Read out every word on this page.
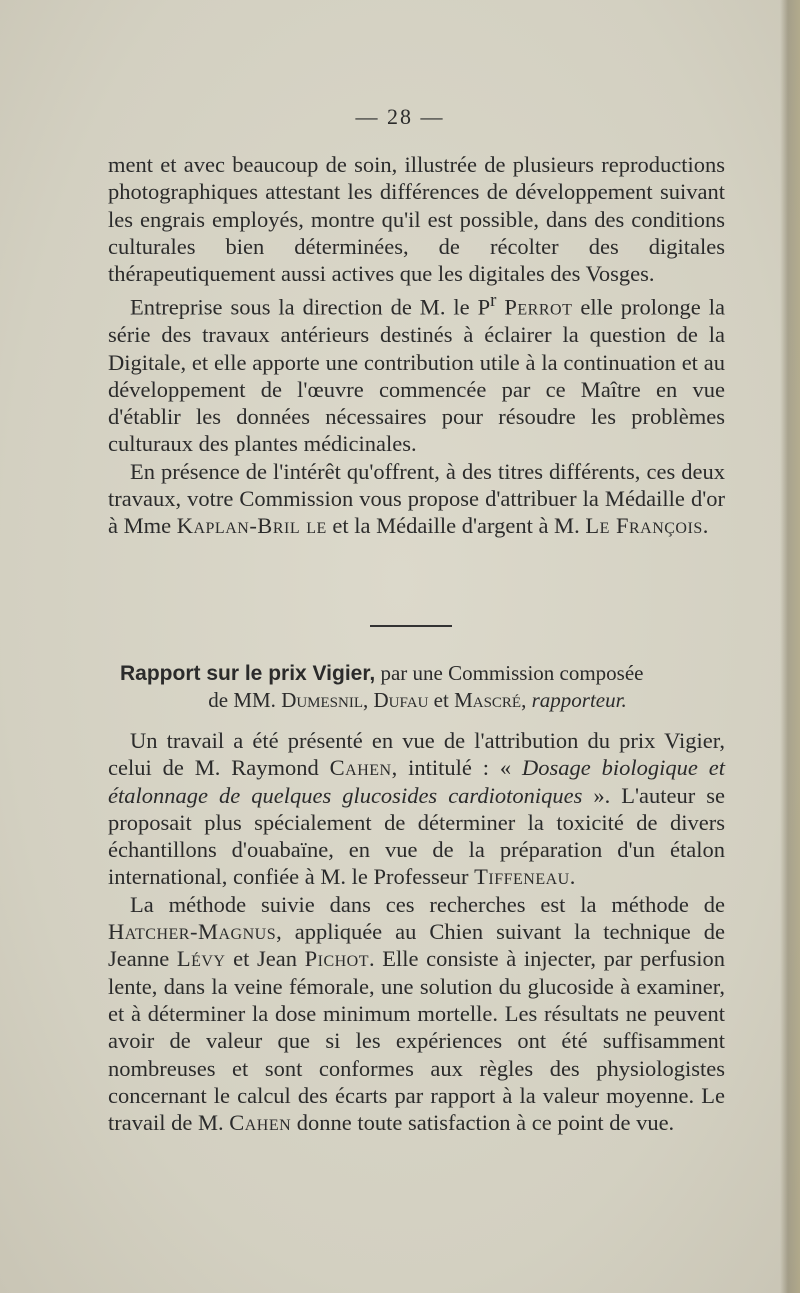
— 28 —

ment et avec beaucoup de soin, illustrée de plusieurs reproductions photographiques attestant les différences de développement suivant les engrais employés, montre qu'il est possible, dans des conditions culturales bien déterminées, de récolter des digitales thérapeutiquement aussi actives que les digitales des Vosges.

Entreprise sous la direction de M. le $P^r$ Perrot elle prolonge la série des travaux antérieurs destinés à éclairer la question de la Digitale, et elle apporte une contribution utile à la continuation et au développement de l'œuvre commencée par ce Maître en vue d'établir les données nécessaires pour résoudre les problèmes culturaux des plantes médicinales.

En présence de l'intérêt qu'offrent, à des titres différents, ces deux travaux, votre Commission vous propose d'attribuer la Médaille d'or à Mme Kaplan-Bril le et la Médaille d'argent à M. Le François.

Rapport sur le prix Vigier, par une Commission composée
de MM. Dumesnil, Dufau et Mascré, rapporteur.

Un travail a été présenté en vue de l'attribution du prix Vigier, celui de M. Raymond Cahen, intitulé : « Dosage biologique et étalonnage de quelques glucosides cardiotoniques ». L'auteur se proposait plus spécialement de déterminer la toxicité de divers échantillons d'ouabaïne, en vue de la préparation d'un étalon international, confiée à M. le Professeur Tiffeneau.

La méthode suivie dans ces recherches est la méthode de Hatcher-Magnus, appliquée au Chien suivant la technique de Jeanne Lévy et Jean Pichot. Elle consiste à injecter, par perfusion lente, dans la veine fémorale, une solution du glucoside à examiner, et à déterminer la dose minimum mortelle. Les résultats ne peuvent avoir de valeur que si les expériences ont été suffisamment nombreuses et sont conformes aux règles des physiologistes concernant le calcul des écarts par rapport à la valeur moyenne. Le travail de M. Cahen donne toute satisfaction à ce point de vue.
